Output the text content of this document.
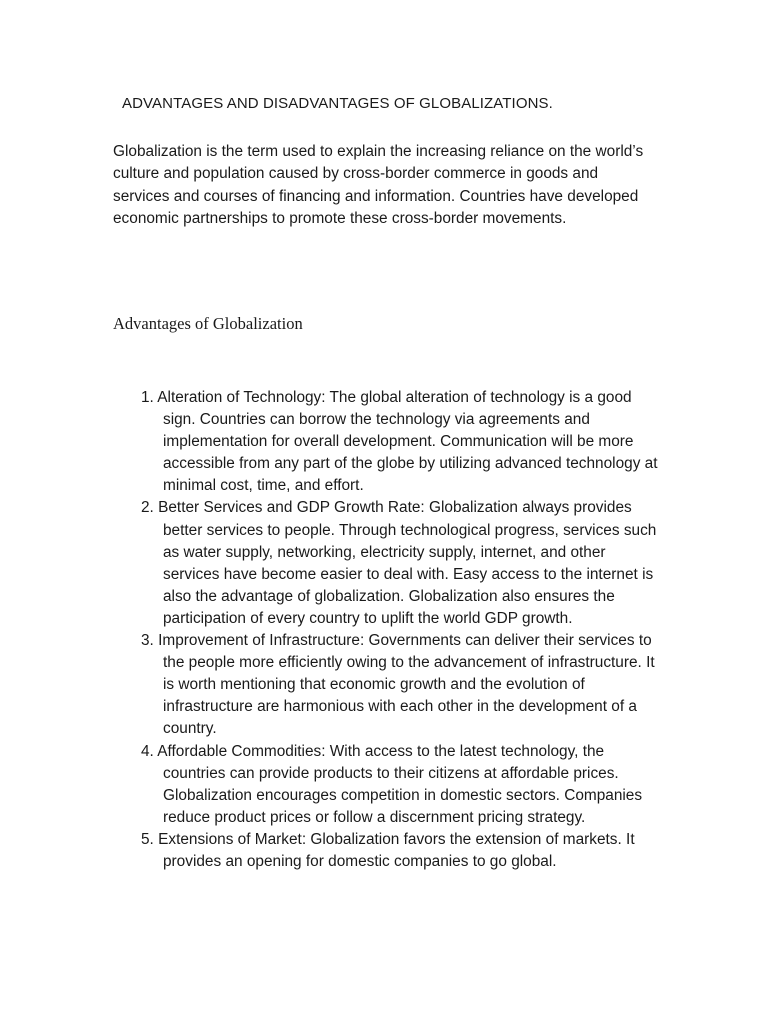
ADVANTAGES AND DISADVANTAGES OF GLOBALIZATIONS.

Globalization is the term used to explain the increasing reliance on the world’s culture and population caused by cross-border commerce in goods and services and courses of financing and information. Countries have developed economic partnerships to promote these cross-border movements.

Advantages of Globalization
1. Alteration of Technology: The global alteration of technology is a good sign. Countries can borrow the technology via agreements and implementation for overall development. Communication will be more accessible from any part of the globe by utilizing advanced technology at minimal cost, time, and effort.
2. Better Services and GDP Growth Rate: Globalization always provides better services to people. Through technological progress, services such as water supply, networking, electricity supply, internet, and other services have become easier to deal with. Easy access to the internet is also the advantage of globalization. Globalization also ensures the participation of every country to uplift the world GDP growth.
3. Improvement of Infrastructure: Governments can deliver their services to the people more efficiently owing to the advancement of infrastructure. It is worth mentioning that economic growth and the evolution of infrastructure are harmonious with each other in the development of a country.
4. Affordable Commodities: With access to the latest technology, the countries can provide products to their citizens at affordable prices. Globalization encourages competition in domestic sectors. Companies reduce product prices or follow a discernment pricing strategy.
5. Extensions of Market: Globalization favors the extension of markets. It provides an opening for domestic companies to go global.
